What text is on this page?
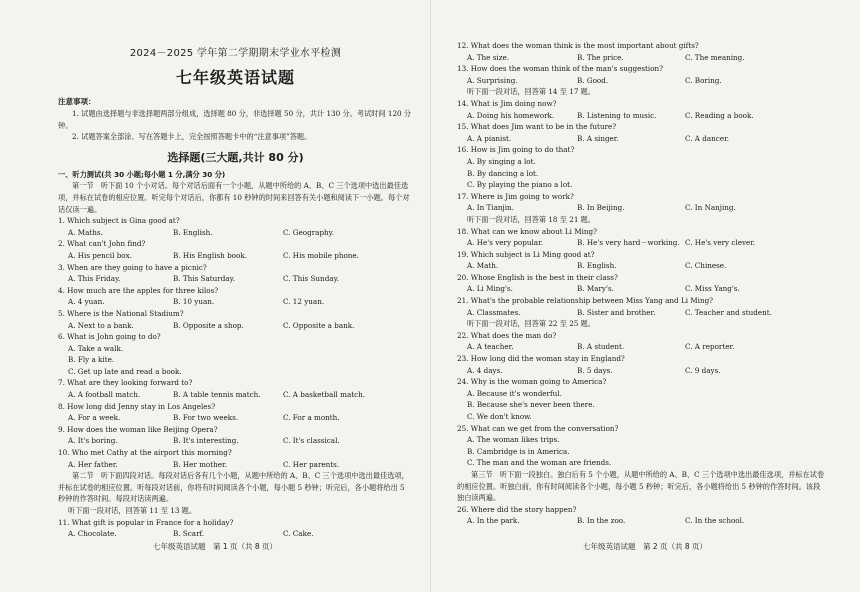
2024－2025 学年第二学期期末学业水平检测
七年级英语试题
注意事项：
1. 试题由选择题与非选择题两部分组成，选择题 80 分，非选择题 50 分，共计 130 分。考试时间 120 分钟。
2. 试题答案全部涂、写在答题卡上，完全按照答题卡中的“注意事项”答题。
选择题(三大题,共计 80 分)
一、听力测试(共 30 小题;每小题 1 分,满分 30 分)
第一节　听下面 10 个小对话。每个对话后面有一个小题，从题中所给的 A、B、C 三个选项中选出最佳选项，并标在试卷的相应位置。听完每个对话后，你都有 10 秒钟的时间来回答有关小题和阅读下一小题。每个对话仅读一遍。
1. Which subject is Gina good at?
A. Maths.	B. English.	C. Geography.
2. What can't John find?
A. His pencil box.	B. His English book.	C. His mobile phone.
3. When are they going to have a picnic?
A. This Friday.	B. This Saturday.	C. This Sunday.
4. How much are the apples for three kilos?
A. 4 yuan.	B. 10 yuan.	C. 12 yuan.
5. Where is the National Stadium?
A. Next to a bank.	B. Opposite a shop.	C. Opposite a bank.
6. What is John going to do?
A. Take a walk.
B. Fly a kite.
C. Get up late and read a book.
7. What are they looking forward to?
A. A football match.	B. A table tennis match.	C. A basketball match.
8. How long did Jenny stay in Los Angeles?
A. For a week.	B. For two weeks.	C. For a month.
9. How does the woman like Beijing Opera?
A. It's boring.	B. It's interesting.	C. It's classical.
10. Who met Cathy at the airport this morning?
A. Her father.	B. Her mother.	C. Her parents.
第二节　听下面四段对话。每段对话后各有几个小题，从题中所给的 A、B、C 三个选项中选出最佳选项，并标在试卷的相应位置。听每段对话前，你将有时间阅读各个小题，每小题 5 秒钟；听完后，各小题将给出 5 秒钟的作答时间。每段对话读两遍。
听下面一段对话，回答第 11 至 13 题。
11. What gift is popular in France for a holiday?
A. Chocolate.	B. Scarf.	C. Cake.
七年级英语试题　第 1 页（共 8 页）
12. What does the woman think is the most important about gifts?
A. The size.	B. The price.	C. The meaning.
13. How does the woman think of the man's suggestion?
A. Surprising.	B. Good.	C. Boring.
听下面一段对话，回答第 14 至 17 题。
14. What is Jim doing now?
A. Doing his homework.	B. Listening to music.	C. Reading a book.
15. What does Jim want to be in the future?
A. A pianist.	B. A singer.	C. A dancer.
16. How is Jim going to do that?
A. By singing a lot.
B. By dancing a lot.
C. By playing the piano a lot.
17. Where is Jim going to work?
A. In Tianjin.	B. In Beijing.	C. In Nanjing.
听下面一段对话，回答第 18 至 21 题。
18. What can we know about Li Ming?
A. He's very popular.	B. He's very hard－working. C. He's very clever.
19. Which subject is Li Ming good at?
A. Math.	B. English.	C. Chinese.
20. Whose English is the best in their class?
A. Li Ming's.	B. Mary's.	C. Miss Yang's.
21. What's the probable relationship between Miss Yang and Li Ming?
A. Classmates.	B. Sister and brother.	C. Teacher and student.
听下面一段对话，回答第 22 至 25 题。
22. What does the man do?
A. A teacher.	B. A student.	C. A reporter.
23. How long did the woman stay in England?
A. 4 days.	B. 5 days.	C. 9 days.
24. Why is the woman going to America?
A. Because it's wonderful.
B. Because she's never been there.
C. We don't know.
25. What can we get from the conversation?
A. The woman likes trips.
B. Cambridge is in America.
C. The man and the woman are friends.
第三节　听下面一段独白。独白后有 5 个小题，从题中所给的 A、B、C 三个选项中选出最佳选项，并标在试卷的相应位置。听独白前，你有时间阅读各个小题，每小题 5 秒钟；听完后，各小题将给出 5 秒钟的作答时间。该段独白读两遍。
26. Where did the story happen?
A. In the park.	B. In the zoo.	C. In the school.
七年级英语试题　第 2 页（共 8 页）
